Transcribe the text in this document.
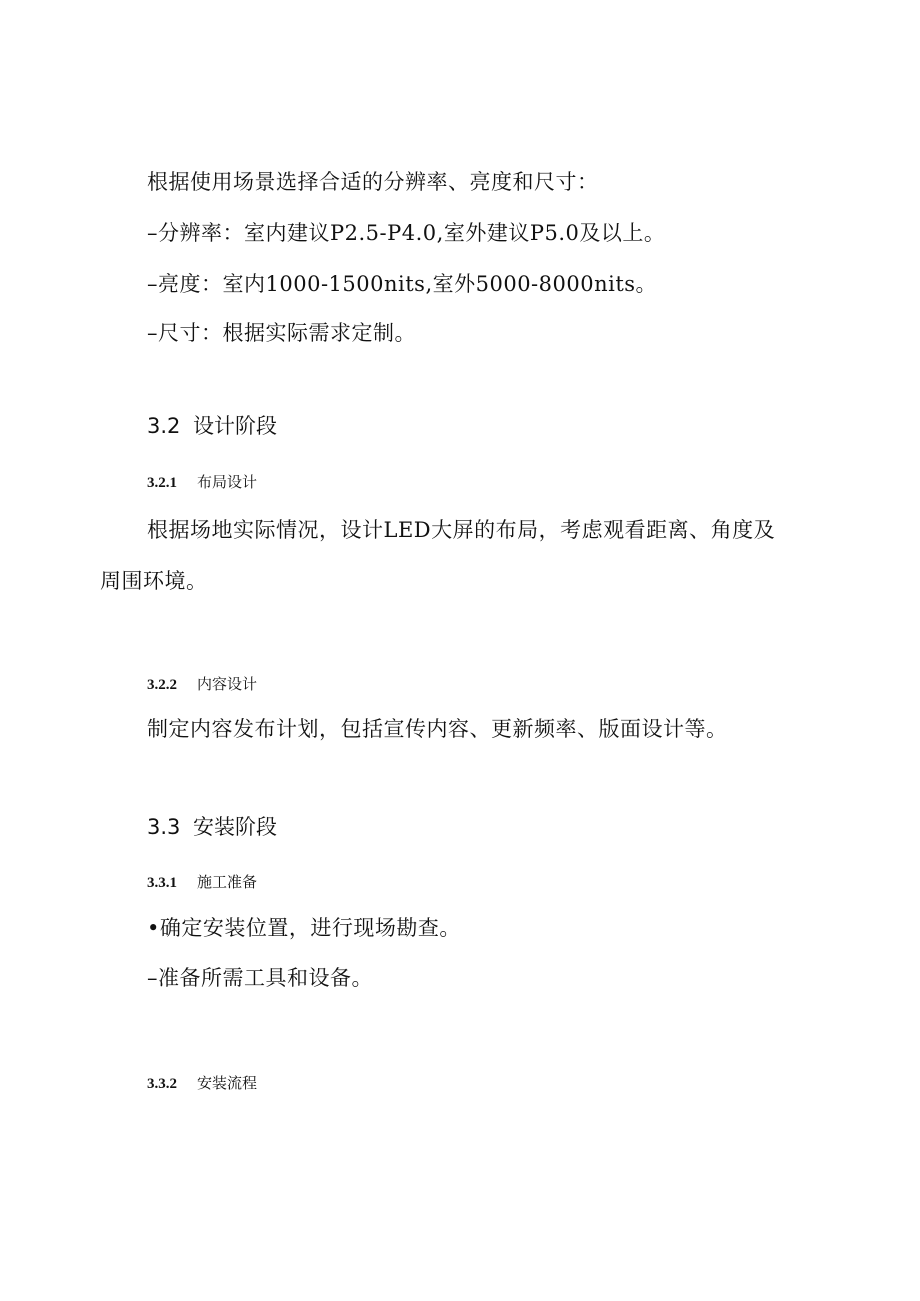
根据使用场景选择合适的分辨率、亮度和尺寸：
–分辨率：室内建议P2.5-P4.0,室外建议P5.0及以上。
–亮度：室内1000-1500nits,室外5000-8000nits。
–尺寸：根据实际需求定制。
3.2 设计阶段
3.2.1 布局设计
根据场地实际情况，设计LED大屏的布局，考虑观看距离、角度及
周围环境。
3.2.2 内容设计
制定内容发布计划，包括宣传内容、更新频率、版面设计等。
3.3 安装阶段
3.3.1 施工准备
•确定安装位置，进行现场勘查。
–准备所需工具和设备。
3.3.2 安装流程
